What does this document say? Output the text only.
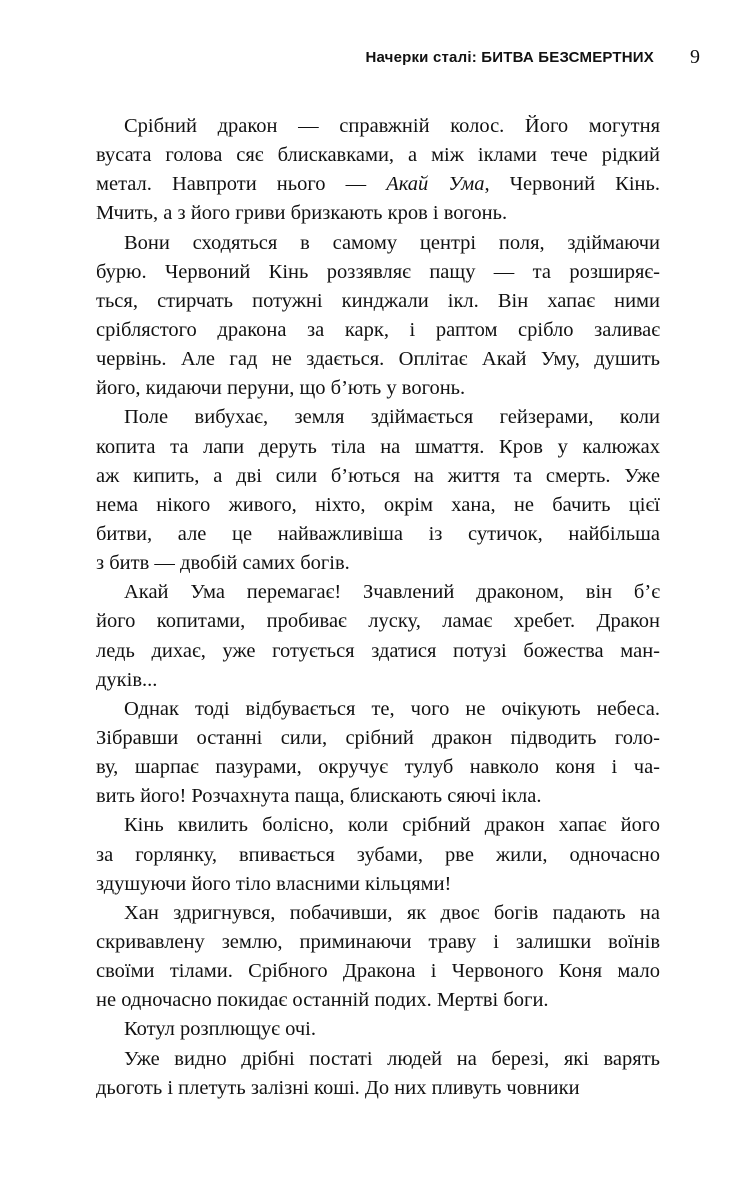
Начерки сталі: БИТВА БЕЗСМЕРТНИХ 9
Срібний дракон — справжній колос. Його могутня
вусата голова сяє блискавками, а між іклами тече рідкий
метал. Навпроти нього — Акай Ума, Червоний Кінь.
Мчить, а з його гриви бризкають кров і вогонь.
Вони сходяться в самому центрі поля, здіймаючи
бурю. Червоний Кінь роззявляє пащу — та розширяє-
ться, стирчать потужні кинджали ікл. Він хапає ними
сріблястого дракона за карк, і раптом срібло заливає
червінь. Але гад не здається. Оплітає Акай Уму, душить
його, кидаючи перуни, що б’ють у вогонь.
Поле вибухає, земля здіймається гейзерами, коли
копита та лапи деруть тіла на шмаття. Кров у калюжах
аж кипить, а дві сили б’ються на життя та смерть. Уже
нема нікого живого, ніхто, окрім хана, не бачить цієї
битви, але це найважливіша із сутичок, найбільша
з битв — двобій самих богів.
Акай Ума перемагає! Зчавлений драконом, він б’є
його копитами, пробиває луску, ламає хребет. Дракон
ледь дихає, уже готується здатися потузі божества ман-
дуків...
Однак тоді відбувається те, чого не очікують небеса.
Зібравши останні сили, срібний дракон підводить голо-
ву, шарпає пазурами, окручує тулуб навколо коня і ча-
вить його! Розчахнута паща, блискають сяючі ікла.
Кінь квилить болісно, коли срібний дракон хапає його
за горлянку, впивається зубами, рве жили, одночасно
здушуючи його тіло власними кільцями!
Хан здригнувся, побачивши, як двоє богів падають на
скривавлену землю, приминаючи траву і залишки воїнів
своїми тілами. Срібного Дракона і Червоного Коня мало
не одночасно покидає останній подих. Мертві боги.
Котул розплющує очі.
Уже видно дрібні постаті людей на березі, які варять
дьоготь і плетуть залізні коші. До них пливуть човники
